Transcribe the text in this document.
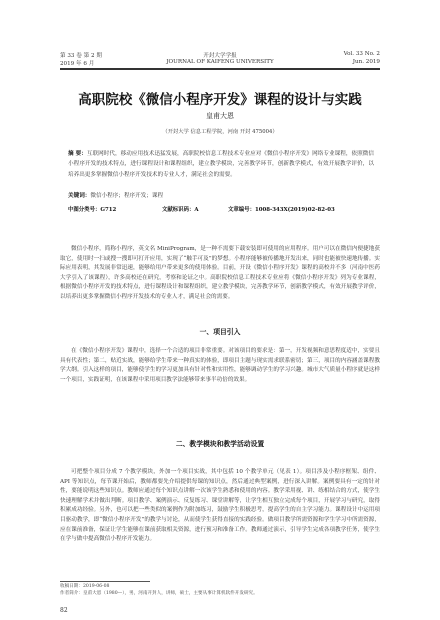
第 33 卷 第 2 期	开封大学学报	Vol. 33 No. 2
2019 年 6 月	JOURNAL OF KAIFENG UNIVERSITY	Jun. 2019
高职院校《微信小程序开发》课程的设计与实践
皇甫大恩
（开封大学 信息工程学院，河南 开封 475004）
摘 要：互联网时代，移动应用技术迅猛发展，高职院校信息工程技术专业应对《微信小程序开发》网络专业课程，依照微信小程序开发的技术特点，进行课程设计和课程组织，建立教学模块，完善教学环节，创新教学模式，有效开展教学评价，以培养出更多掌握微信小程序开发技术的专业人才，满足社会的需要。
关键词：微信小程序；程序开发；课程
中图分类号：G712	文献标识码：A	文章编号：1008-343X(2019)02-82-03

微信小程序，简称小程序，英文名 MiniProgram，是一种不需要下载安装即可使用的应用程序。用户可以在微信内便捷地获取它，使用时一扫或搜一搜即可打开应用，实现了“触手可及”的梦想。小程序能够被传播地开发出来，同时也能被快速地传播。实际应用表明，其发展非常迅速，能够给用户带来更多的使用体验。目前，开设《微信小程序开发》课程的高校并不多（河南中医药大学引入了该课程），许多高校还在研究，考察和论证之中。高职院校信息工程技术专业应将《微信小程序开发》列为专业课程，根据微信小程序开发的技术特点，进行课程设计和课程组织，建立教学模块，完善教学环节，创新教学模式，有效开展教学评价，以培养出更多掌握微信小程序开发技术的专业人才，满足社会的需要。

一、项目引入

在《微信小程序开发》课程中，选择一个合适的项目非常重要。对该项目的要求是：第一，开发视频和意思程度适中，实要且具有代表性；第二，贴近实战，能够给学生带来一种真实的体验，即项目主题与现实需求联系密切；第三，项目的内容涵盖课程教学大纲。引入这样的项目，能够使学生的学习更加具有针对性和实用性，能够调动学生的学习兴趣。城市大气质量小程序就是这样一个项目，实践证明，在该课程中采用项目教学法能够带来事半功倍的效果。

二、教学模块和教学活动设置

可把整个项目分成 7 个教学模块，外加一个项目实战，其中包括 10 个教学单元（见表 1）。项目涉及小程序框架、组件、API 等知识点，每节课开始后，教师都要先介绍提供每课的知识点，然后通过典型案例，进行深入讲解。案例要具有一定的针对性，要能说明这些知识点。教师应通过每个知识点讲解一次该学生熟悉和使用的内容。教学采用视、讲、练相结合的方式，使学生快速理解学术并做出判断。项目教学、案例演示、反复练习、课堂讲解等，让学生相互独立完成每个项目，开展学习与研究，取得积累成功经验。另外，也可以把一些类似的案例作为附加练习，鼓励学生积极思考，提高学生的自主学习能力。课程设计中运用项目驱动教学，即“微信小程序开发”的教学与讨论，从而使学生获得直接的实践经验。做项目教学所需资源和学生学习中所需资源，应在课前准备，保证让学生能够在课前获取相关资源，进行预习和准备工作。教师通过演示，引导学生完成各项教学任务，使学生在学与做中提高微信小程序开发能力。

收稿日期：2019-06-08
作者简介：皇甫大恩（1980—），男，河南开封人，讲师，硕士，主要从事计算机软件开发研究。
82
